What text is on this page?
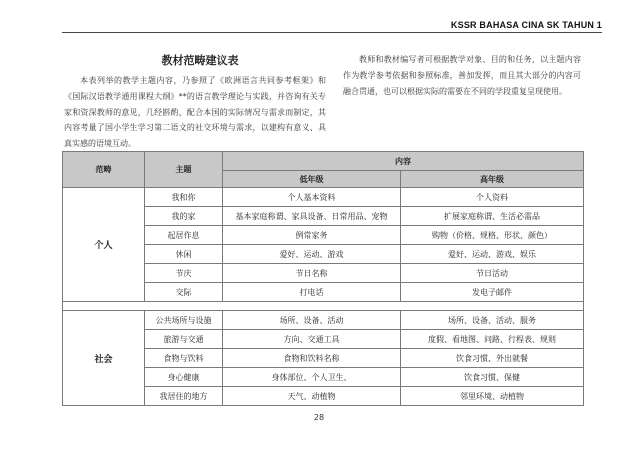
KSSR BAHASA CINA SK TAHUN 1
教材范畴建议表
本表列举的教学主题内容，乃参照了《欧洲语言共同参考框架》和《国际汉语教学通用课程大纲》**的语言教学理论与实践，并咨询有关专家和资深教师的意见，几经斟酌，配合本国的实际情况与需求而制定，其内容考量了国小学生学习第二语文的社交环境与需求，以建构有意义、具真实感的语境互动。
教师和教材编写者可根据教学对象、目的和任务，以主题内容作为教学参考依据和参照标准，善加发挥，而且其大部分的内容可融合贯通，也可以根据实际的需要在不同的学段重复呈现使用。
范畴	主题	内容	
		低年级	高年级
个人	我和你	个人基本资料	个人资料
	我的家	基本家庭称谓、家具设备、日常用品、宠物	扩展家庭称谓、生活必需品
	起居作息	例常家务	购物（价格、规格、形状、颜色）
	休闲	爱好、运动、游戏	爱好、运动、游戏、娱乐
	节庆	节日名称	节日活动
	交际	打电话	发电子邮件

社会	公共场所与设施	场所、设备、活动	场所、设备、活动、服务
	旅游与交通	方向、交通工具	度假、看地图、问路、行程表、规则
	食物与饮料	食物和饮料名称	饮食习惯、外出就餐
	身心健康	身体部位、个人卫生、	饮食习惯、保健
	我居住的地方	天气、动植物	邻里环境、动植物
28
